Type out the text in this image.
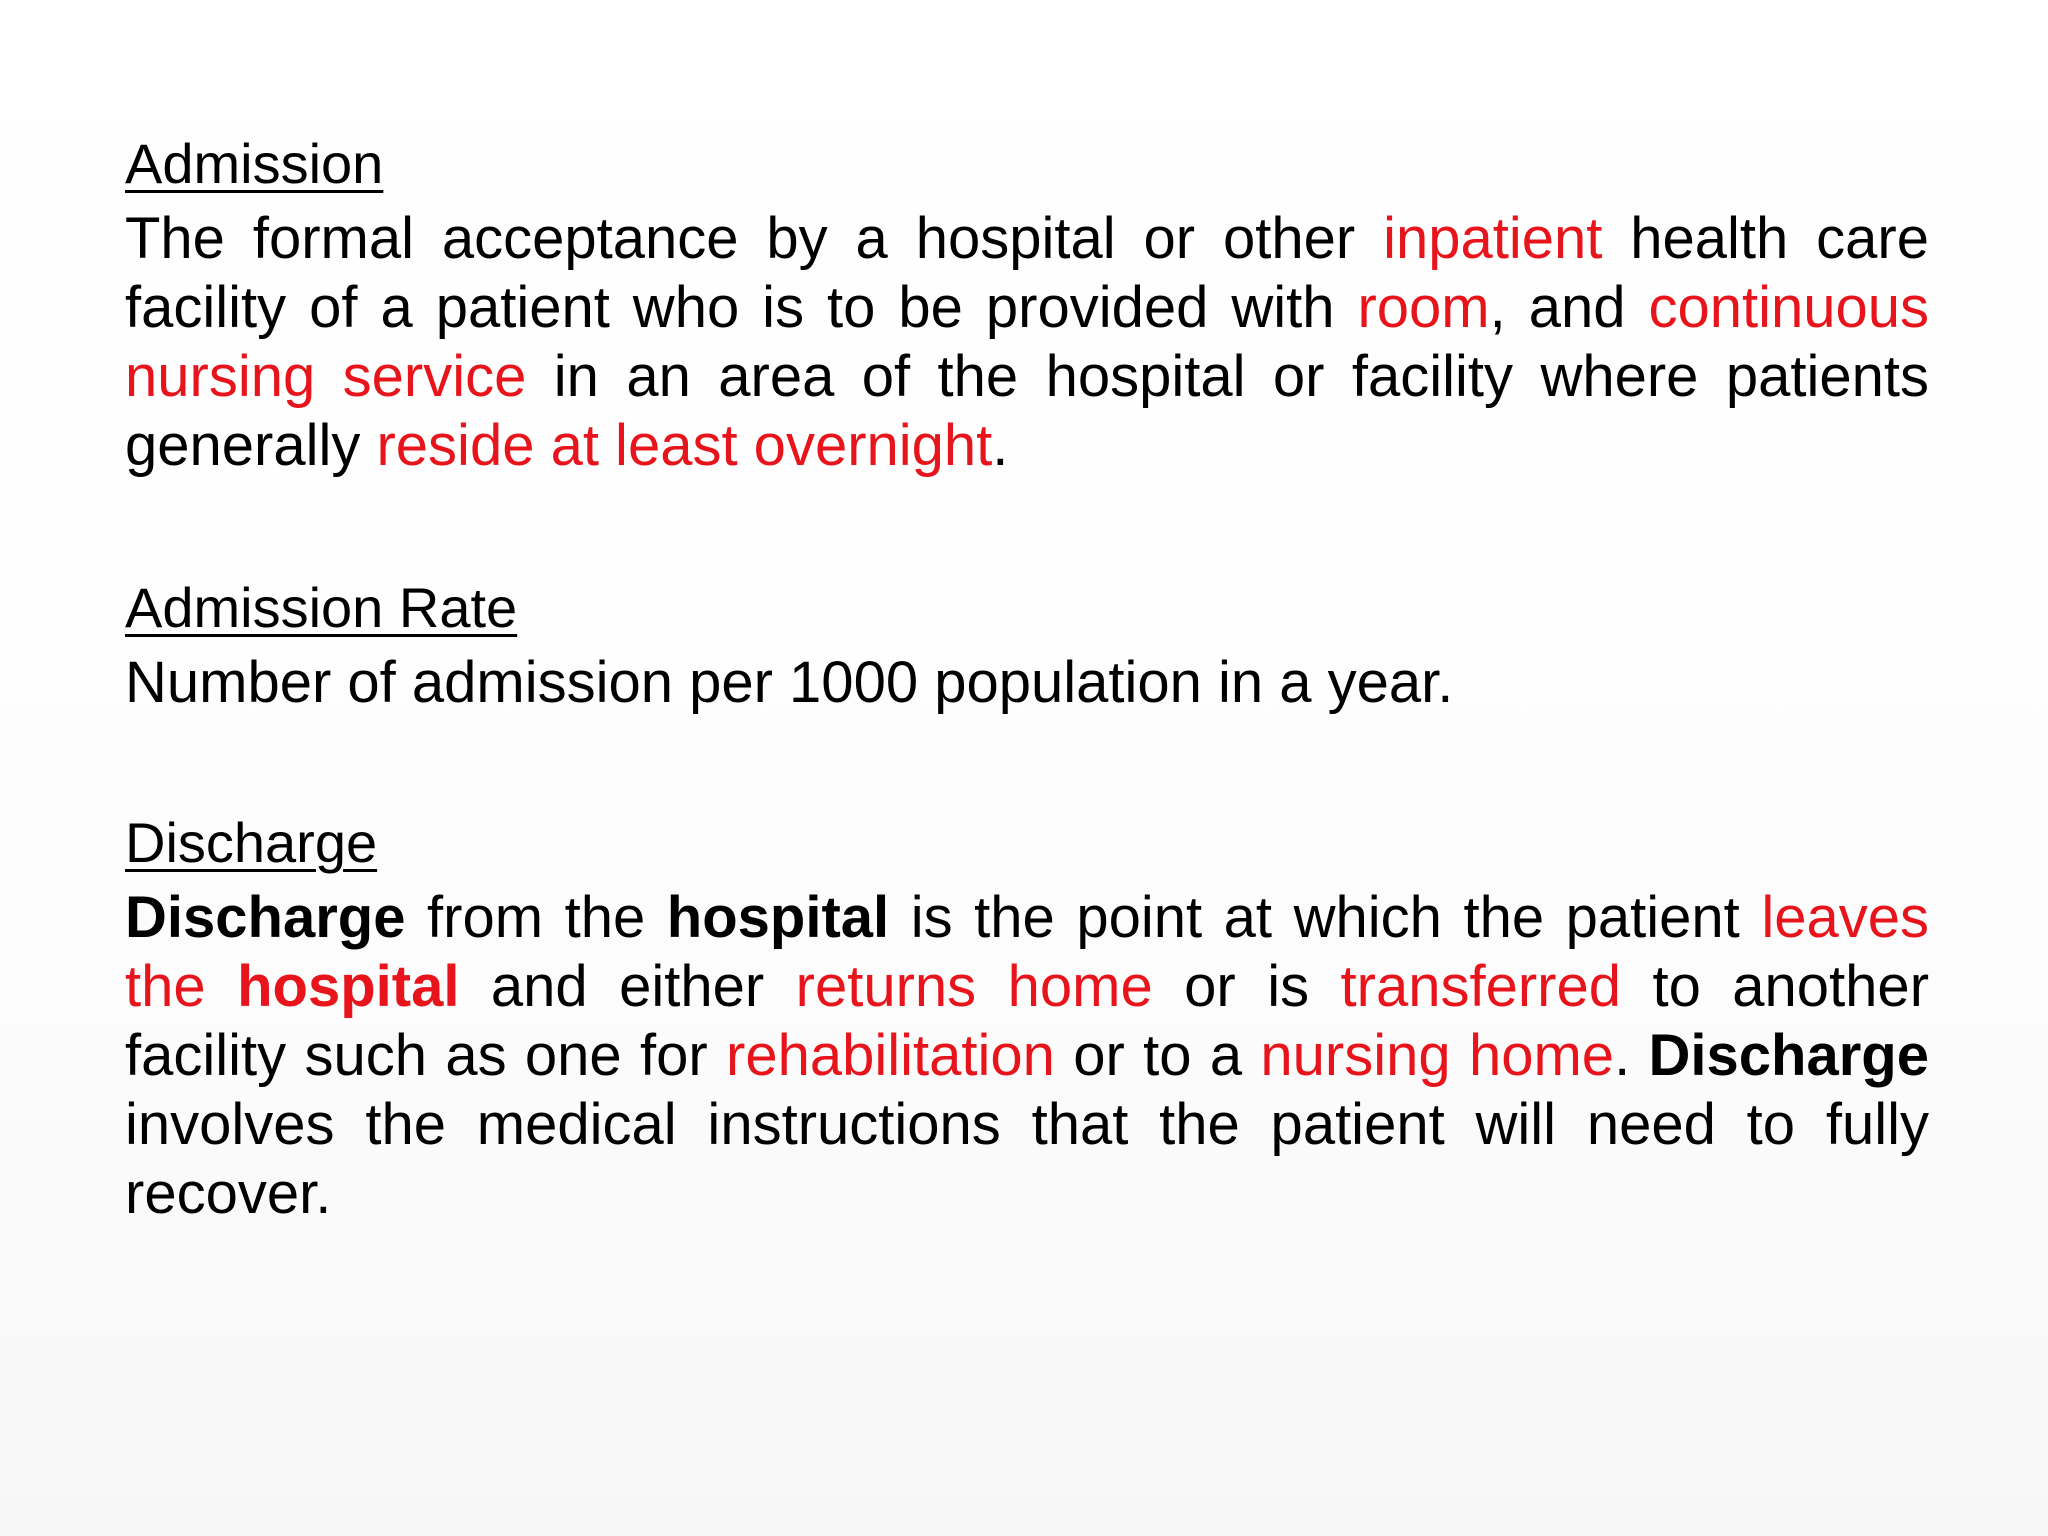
Admission

The formal acceptance by a hospital or other inpatient health care facility of a patient who is to be provided with room, and continuous nursing service in an area of the hospital or facility where patients generally reside at least overnight.

Admission Rate

Number of admission per 1000 population in a year.

Discharge

Discharge from the hospital is the point at which the patient leaves the hospital and either returns home or is transferred to another facility such as one for rehabilitation or to a nursing home. Discharge involves the medical instructions that the patient will need to fully recover.
